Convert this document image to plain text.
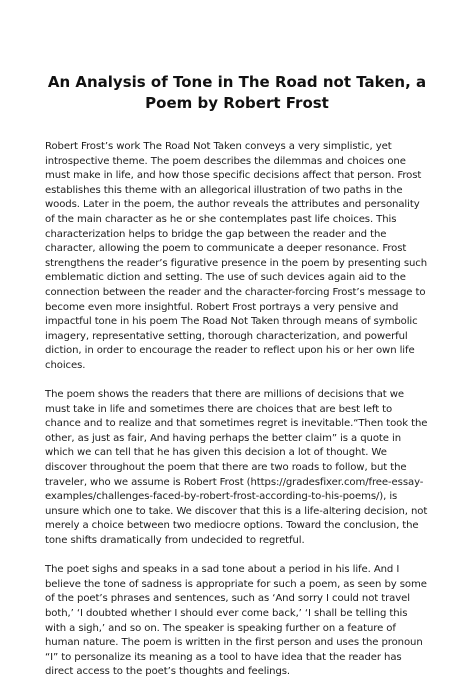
An Analysis of Tone in The Road not Taken, a Poem by Robert Frost

Robert Frost’s work The Road Not Taken conveys a very simplistic, yet introspective theme. The poem describes the dilemmas and choices one must make in life, and how those specific decisions affect that person. Frost establishes this theme with an allegorical illustration of two paths in the woods. Later in the poem, the author reveals the attributes and personality of the main character as he or she contemplates past life choices. This characterization helps to bridge the gap between the reader and the character, allowing the poem to communicate a deeper resonance. Frost strengthens the reader’s figurative presence in the poem by presenting such emblematic diction and setting. The use of such devices again aid to the connection between the reader and the character-forcing Frost’s message to become even more insightful. Robert Frost portrays a very pensive and impactful tone in his poem The Road Not Taken through means of symbolic imagery, representative setting, thorough characterization, and powerful diction, in order to encourage the reader to reflect upon his or her own life choices.

The poem shows the readers that there are millions of decisions that we must take in life and sometimes there are choices that are best left to chance and to realize and that sometimes regret is inevitable.“Then took the other, as just as fair, And having perhaps the better claim” is a quote in which we can tell that he has given this decision a lot of thought. We discover throughout the poem that there are two roads to follow, but the traveler, who we assume is Robert Frost (https://gradesfixer.com/free-essay-examples/challenges-faced-by-robert-frost-according-to-his-poems/), is unsure which one to take. We discover that this is a life-altering decision, not merely a choice between two mediocre options. Toward the conclusion, the tone shifts dramatically from undecided to regretful.

The poet sighs and speaks in a sad tone about a period in his life. And I believe the tone of sadness is appropriate for such a poem, as seen by some of the poet’s phrases and sentences, such as ‘And sorry I could not travel both,’ ‘I doubted whether I should ever come back,’ ‘I shall be telling this with a sigh,’ and so on. The speaker is speaking further on a feature of human nature. The poem is written in the first person and uses the pronoun “I” to personalize its meaning as a tool to have idea that the reader has direct access to the poet’s thoughts and feelings.
